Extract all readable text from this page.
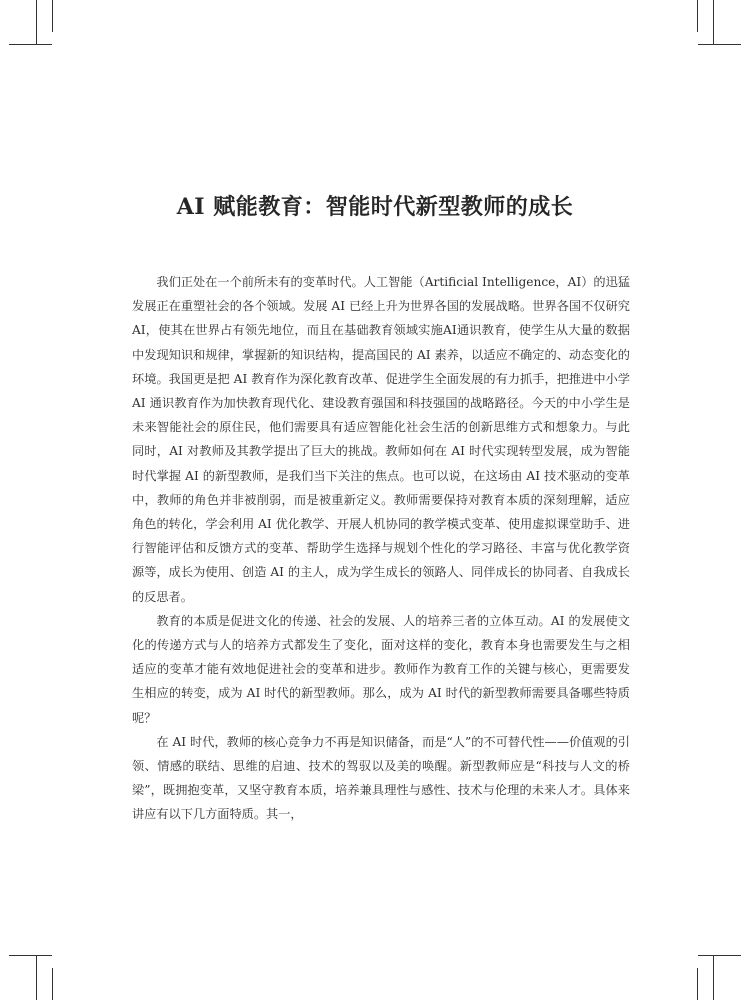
AI 赋能教育：智能时代新型教师的成长

我们正处在一个前所未有的变革时代。人工智能（Artificial Intelligence，AI）的迅猛发展正在重塑社会的各个领域。发展 AI 已经上升为世界各国的发展战略。世界各国不仅研究 AI，使其在世界占有领先地位，而且在基础教育领域实施AI通识教育，使学生从大量的数据中发现知识和规律，掌握新的知识结构，提高国民的 AI 素养，以适应不确定的、动态变化的环境。我国更是把 AI 教育作为深化教育改革、促进学生全面发展的有力抓手，把推进中小学 AI 通识教育作为加快教育现代化、建设教育强国和科技强国的战略路径。今天的中小学生是未来智能社会的原住民，他们需要具有适应智能化社会生活的创新思维方式和想象力。与此同时，AI 对教师及其教学提出了巨大的挑战。教师如何在 AI 时代实现转型发展，成为智能时代掌握 AI 的新型教师，是我们当下关注的焦点。也可以说，在这场由 AI 技术驱动的变革中，教师的角色并非被削弱，而是被重新定义。教师需要保持对教育本质的深刻理解，适应角色的转化，学会利用 AI 优化教学、开展人机协同的教学模式变革、使用虚拟课堂助手、进行智能评估和反馈方式的变革、帮助学生选择与规划个性化的学习路径、丰富与优化教学资源等，成长为使用、创造 AI 的主人，成为学生成长的领路人、同伴成长的协同者、自我成长的反思者。

教育的本质是促进文化的传递、社会的发展、人的培养三者的立体互动。AI 的发展使文化的传递方式与人的培养方式都发生了变化，面对这样的变化，教育本身也需要发生与之相适应的变革才能有效地促进社会的变革和进步。教师作为教育工作的关键与核心，更需要发生相应的转变，成为 AI 时代的新型教师。那么，成为 AI 时代的新型教师需要具备哪些特质呢？

在 AI 时代，教师的核心竞争力不再是知识储备，而是“人”的不可替代性——价值观的引领、情感的联结、思维的启迪、技术的驾驭以及美的唤醒。新型教师应是“科技与人文的桥梁”，既拥抱变革，又坚守教育本质，培养兼具理性与感性、技术与伦理的未来人才。具体来讲应有以下几方面特质。其一，
